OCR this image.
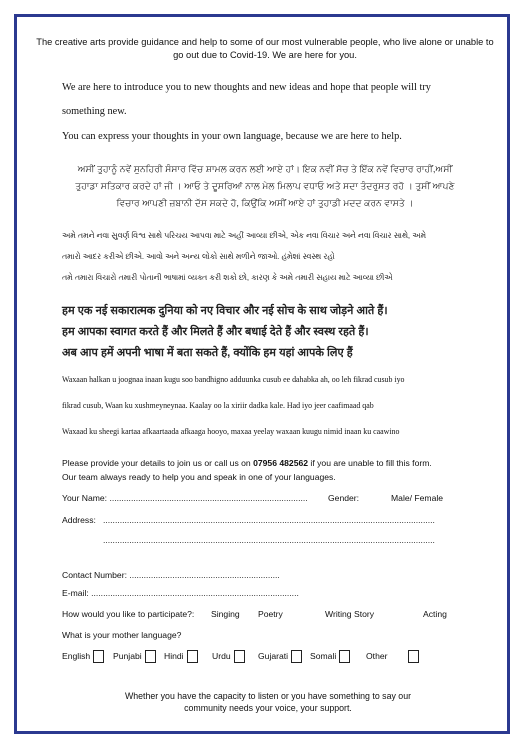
The creative arts provide guidance and help to some of our most vulnerable people, who live alone or unable to go out due to Covid-19. We are here for you.
We are here to introduce you to new thoughts and new ideas and hope that people will try
something new.
You can express your thoughts in your own language, because we are here to help.
ਅਸੀਂ ਤੁਹਾਨੂੰ ਨਵੇਂ ਸੁਨਹਿਰੀ ਸੰਸਾਰ ਵਿੱਚ ਸ਼ਾਮਲ ਕਰਨ ਲਈ ਆਏ ਹਾਂ। ਇਕ ਨਵੀਂ ਸੋਚ ਤੇ ਇੱਕ ਨਵੇਂ ਵਿਚਾਰ ਰਾਹੀਂ,ਅਸੀਂ
ਤੁਹਾਡਾ ਸਤਿਕਾਰ ਕਰਦੇ ਹਾਂ ਜੀ । ਆਓ ਤੇ ਦੂਸਰਿਆਂ ਨਾਲ ਮੇਲ ਮਿਲਾਪ ਵਧਾਓ ਅਤੇ ਸਦਾ ਤੰਦਰੁਸਤ ਰਹੋ । ਤੁਸੀਂ ਆਪਣੇ
ਵਿਚਾਰ ਆਪਣੀ ਜ਼ਬਾਨੀ ਦੱਸ ਸਕਦੇ ਹੋ, ਕਿਉਂਕਿ ਅਸੀਂ ਆਏ ਹਾਂ ਤੁਹਾਡੀ ਮਦਦ ਕਰਨ ਵਾਸਤੇ ।
અમે તમને નવા સુવર્ણ વિશ્વ સાથે પરિચય આપવા માટે અહીં આવ્યા છીએ, એક નવા વિચાર અને નવા વિચાર સાથે, અમે
તમારો આદર કરીએ છીએ. આવો અને અન્ય લોકો સાથે મળીને જાઓ. હંમેશાં સ્વસ્થ રહો
તમે તમારા વિચારો તમારી પોતાની ભાષામાં વ્યક્ત કરી શકો છો, કારણ કે અમે તમારી સહાય માટે આવ્યા છીએ
हम एक नई सकारात्मक दुनिया को नए विचार और नई सोच के साथ जोड़ने आते हैं।
हम आपका स्वागत करते हैं और मिलते हैं और बधाई देते हैं और स्वस्थ रहते हैं।
अब आप हमें अपनी भाषा में बता सकते हैं, क्योंकि हम यहां आपके लिए हैं
Waxaan halkan u joognaa inaan kugu soo bandhigno adduunka cusub ee dahabka ah, oo leh fikrad cusub iyo
fikrad cusub, Waan ku xushmeyneynaa. Kaalay oo la xiriir dadka kale. Had iyo jeer caafimaad qab
Waxaad ku sheegi kartaa afkaartaada afkaaga hooyo, maxaa yeelay waxaan kuugu nimid inaan ku caawino
Please provide your details to join us or call us on 07956 482562 if you are unable to fill this form.
Our team always ready to help you and speak in one of your languages.
Your Name: ................................................................................... Gender:	Male/ Female
Address: ...........................................................................................................................................
...........................................................................................................................................
Contact Number: ...............................................................
E-mail: .......................................................................................
How would you like to participate?: Singing Poetry	Writing Story	Acting
What is your mother language?
English	Punjabi	Hindi	Urdu	Gujarati	Somali	Other
Whether you have the capacity to listen or you have something to say our community needs your voice, your support.
